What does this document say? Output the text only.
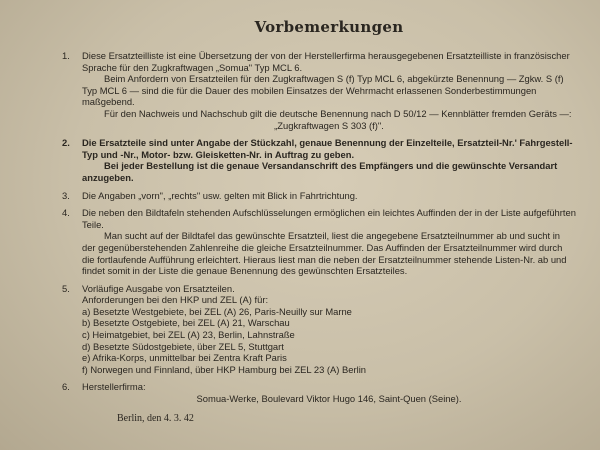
Vorbemerkungen
1. Diese Ersatzteilliste ist eine Übersetzung der von der Herstellerfirma herausgegebenen Ersatzteilliste in französischer Sprache für den Zugkraftwagen „Somua" Typ MCL 6.

Beim Anfordern von Ersatzteilen für den Zugkraftwagen S (f) Typ MCL 6, abgekürzte Benennung — Zgkw. S (f) Typ MCL 6 — sind die für die Dauer des mobilen Einsatzes der Wehrmacht erlassenen Sonderbestimmungen maßgebend.

Für den Nachweis und Nachschub gilt die deutsche Benennung nach D 50/12 — Kennblätter fremden Geräts —:

„Zugkraftwagen S 303 (f)".

2. Die Ersatzteile sind unter Angabe der Stückzahl, genaue Benennung der Einzelteile, Ersatzteil-Nr.' Fahrgestell-Typ und -Nr., Motor- bzw. Gleisketten-Nr. in Auftrag zu geben.

Bei jeder Bestellung ist die genaue Versandanschrift des Empfängers und die gewünschte Versandart anzugeben.

3. Die Angaben „vorn", „rechts" usw. gelten mit Blick in Fahrtrichtung.

4. Die neben den Bildtafeln stehenden Aufschlüsselungen ermöglichen ein leichtes Auffinden der in der Liste aufgeführten Teile.

Man sucht auf der Bildtafel das gewünschte Ersatzteil, liest die angegebene Ersatzteilnummer ab und sucht in der gegenüberstehenden Zahlenreihe die gleiche Ersatzteilnummer. Das Auffinden der Ersatzteilnummer wird durch die fortlaufende Aufführung erleichtert. Hieraus liest man die neben der Ersatzteilnummer stehende Listen-Nr. ab und findet somit in der Liste die genaue Benennung des gewünschten Ersatzteiles.

5. Vorläufige Ausgabe von Ersatzteilen.

Anforderungen bei den HKP und ZEL (A) für:

a) Besetzte Westgebiete, bei ZEL (A) 26, Paris-Neuilly sur Marne
b) Besetzte Ostgebiete, bei ZEL (A) 21, Warschau
c) Heimatgebiet, bei ZEL (A) 23, Berlin, Lahnstraße
d) Besetzte Südostgebiete, über ZEL 5, Stuttgart
e) Afrika-Korps, unmittelbar bei Zentra Kraft Paris
f) Norwegen und Finnland, über HKP Hamburg bei ZEL 23 (A) Berlin
6. Herstellerfirma:

Somua-Werke, Boulevard Viktor Hugo 146, Saint-Quen (Seine).

Berlin, den 4. 3. 42
